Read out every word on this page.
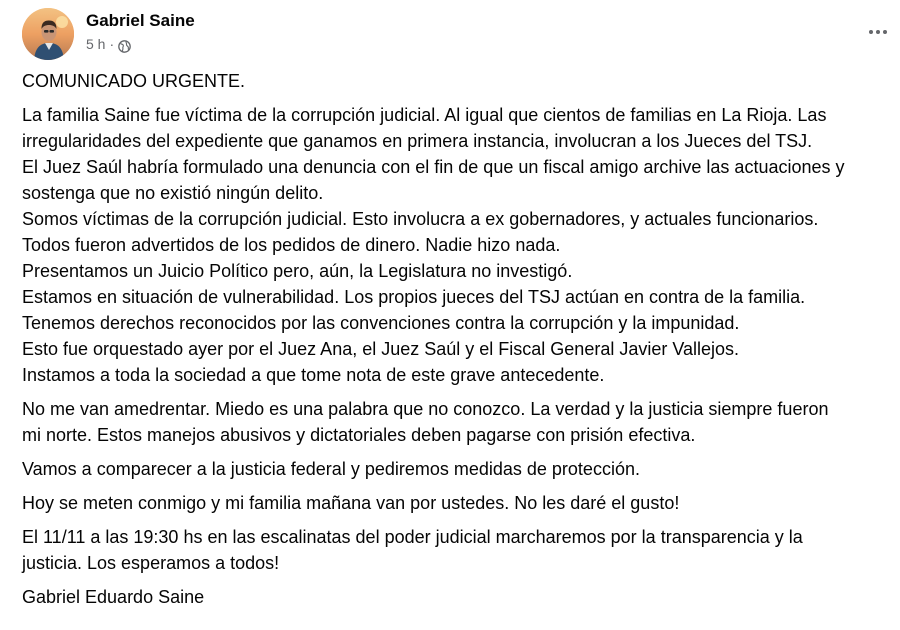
Gabriel Saine
5 h ·
COMUNICADO URGENTE.
La familia Saine fue víctima de la corrupción judicial. Al igual que cientos de familias en La Rioja. Las
irregularidades del expediente que ganamos en primera instancia, involucran a los Jueces del TSJ.
El Juez Saúl habría formulado una denuncia con el fin de que un fiscal amigo archive las actuaciones y
sostenga que no existió ningún delito.
Somos víctimas de la corrupción judicial. Esto involucra a ex gobernadores, y actuales funcionarios.
Todos fueron advertidos de los pedidos de dinero. Nadie hizo nada.
Presentamos un Juicio Político pero, aún, la Legislatura no investigó.
Estamos en situación de vulnerabilidad. Los propios jueces del TSJ actúan en contra de la familia.
Tenemos derechos reconocidos por las convenciones contra la corrupción y la impunidad.
Esto fue orquestado ayer por el Juez Ana, el Juez Saúl y el Fiscal General Javier Vallejos.
Instamos a toda la sociedad a que tome nota de este grave antecedente.
No me van amedrentar. Miedo es una palabra que no conozco. La verdad y la justicia siempre fueron
mi norte. Estos manejos abusivos y dictatoriales deben pagarse con prisión efectiva.
Vamos a comparecer a la justicia federal y pediremos medidas de protección.
Hoy se meten conmigo y mi familia mañana van por ustedes. No les daré el gusto!
El 11/11 a las 19:30 hs en las escalinatas del poder judicial marcharemos por la transparencia y la
justicia. Los esperamos a todos!
Gabriel Eduardo Saine
